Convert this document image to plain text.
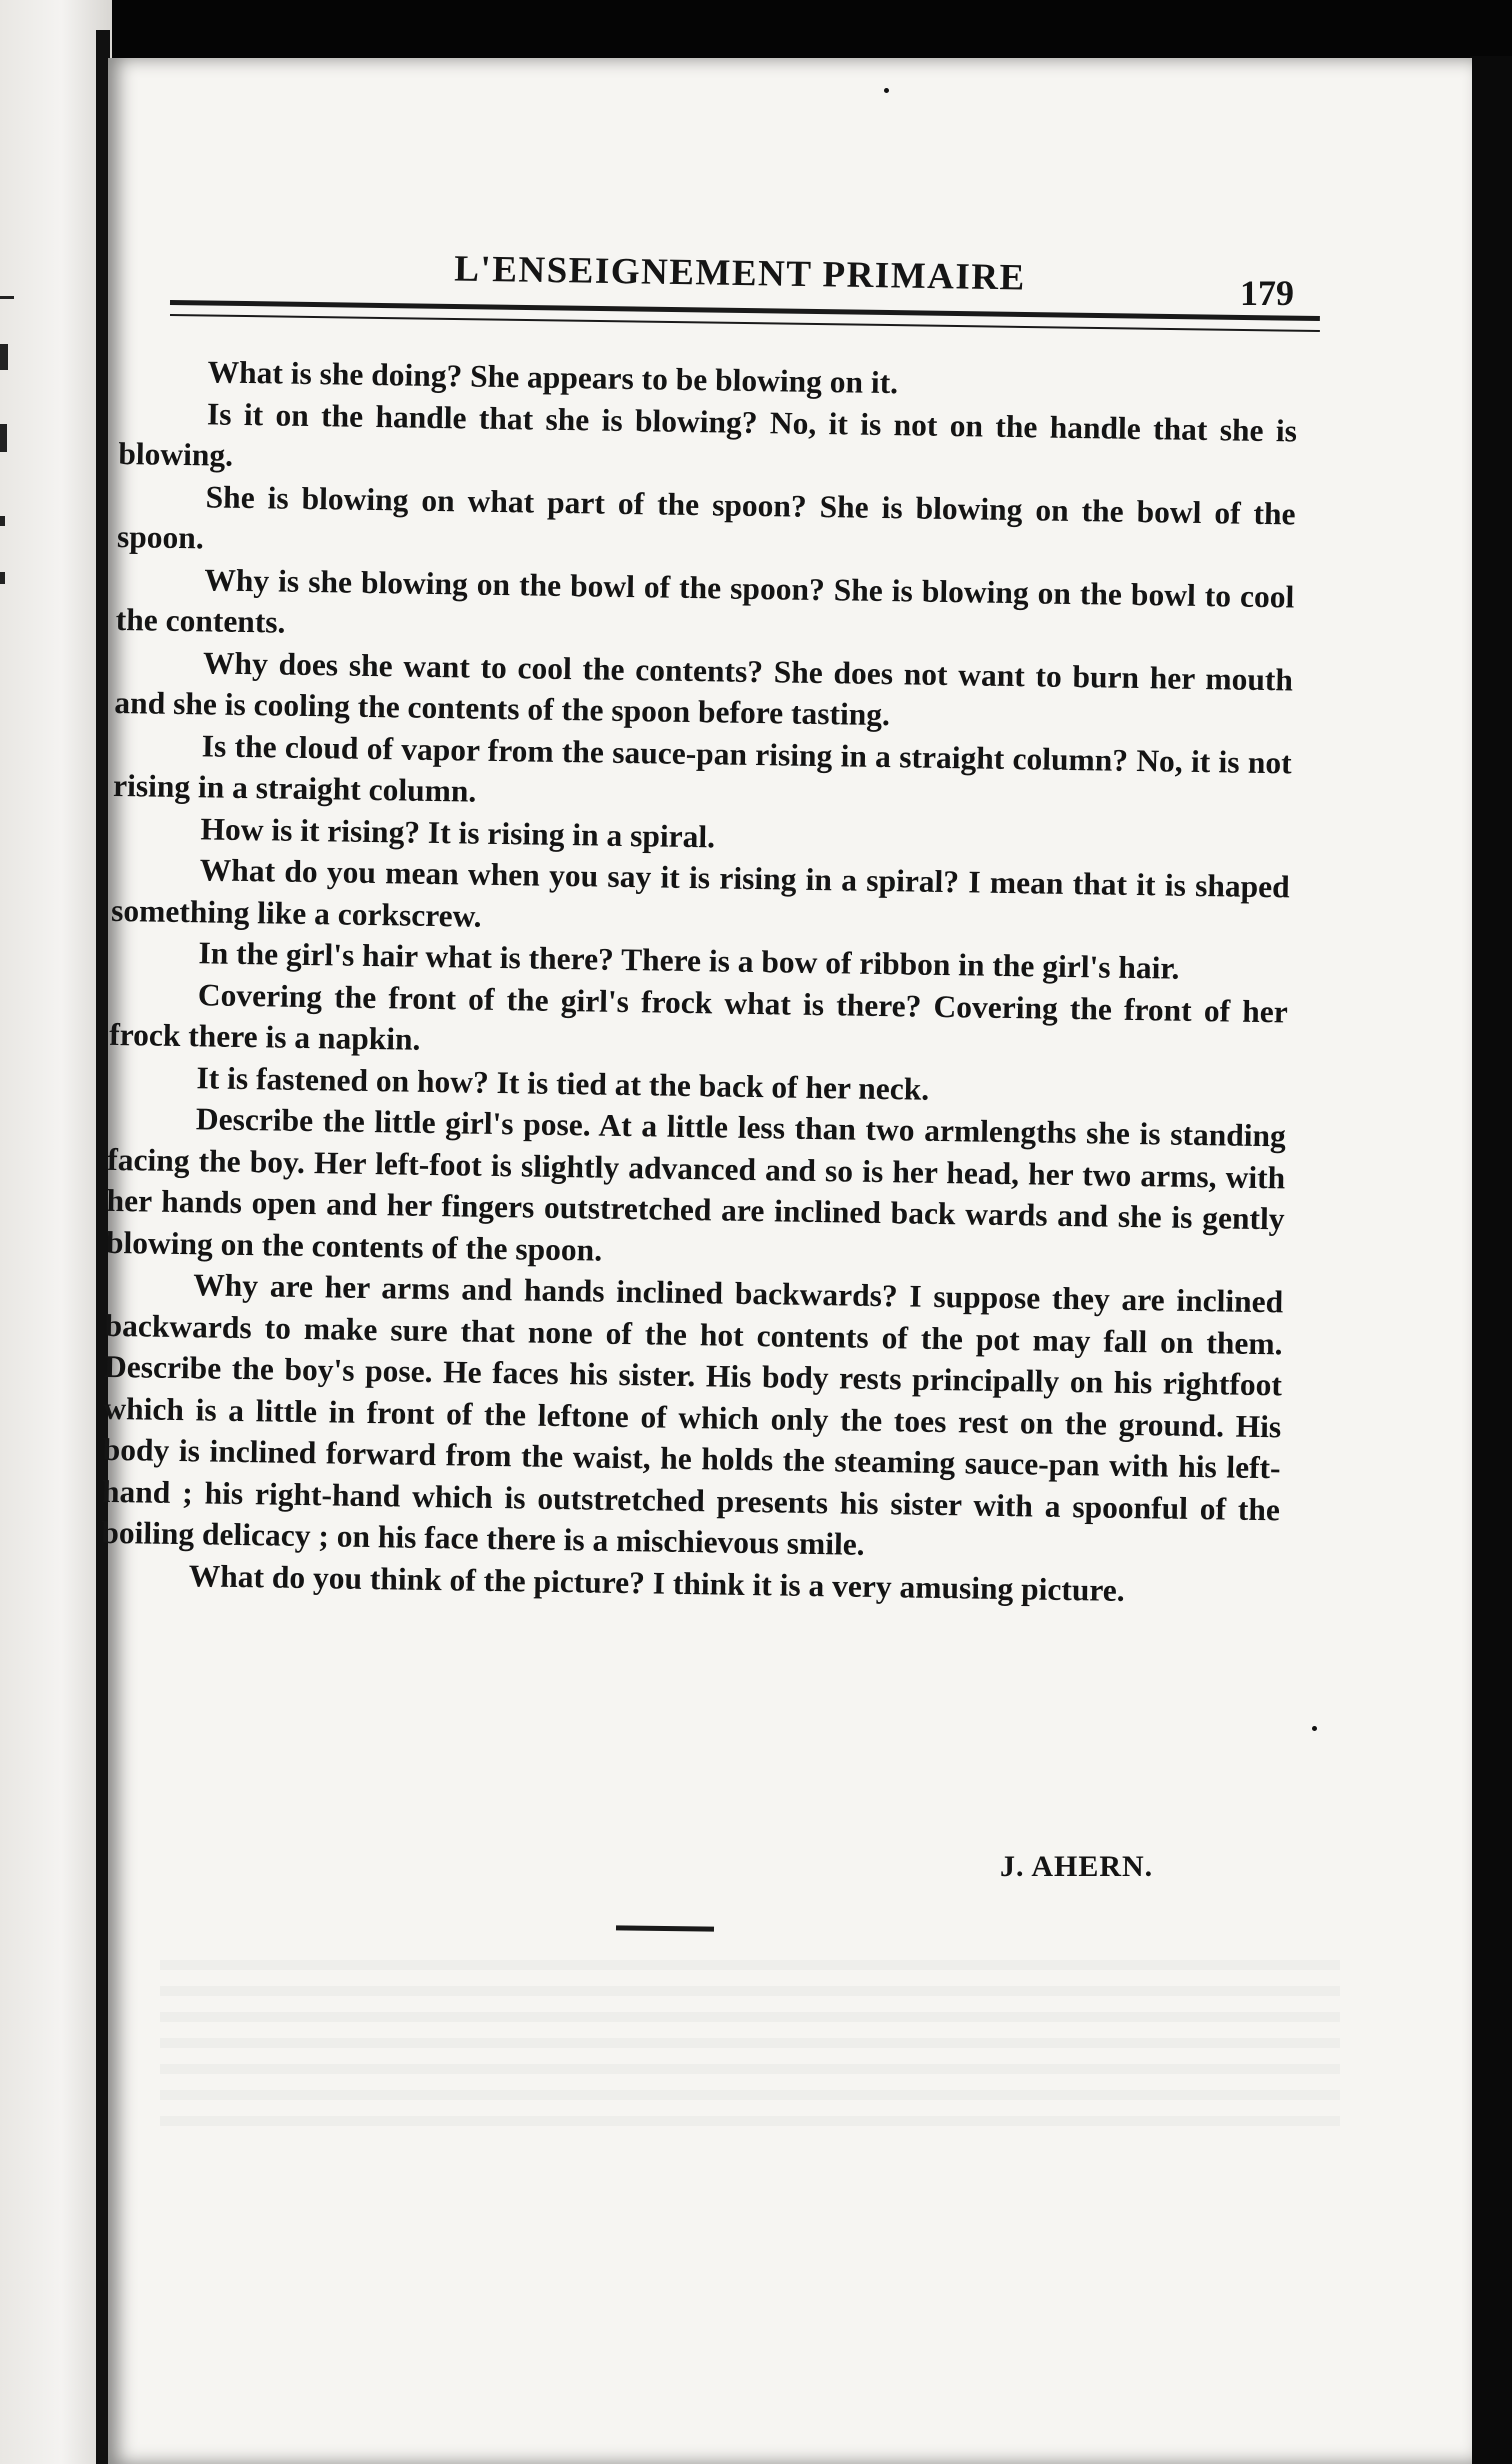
L'ENSEIGNEMENT PRIMAIRE	179

What is she doing? She appears to be blowing on it.

Is it on the handle that she is blowing? No, it is not on the handle that she is blowing.

She is blowing on what part of the spoon? She is blowing on the bowl of the spoon.

Why is she blowing on the bowl of the spoon? She is blowing on the bowl to cool the contents.

Why does she want to cool the contents? She does not want to burn her mouth and she is cooling the contents of the spoon before tasting.

Is the cloud of vapor from the sauce-pan rising in a straight column? No, it is not rising in a straight column.

How is it rising? It is rising in a spiral.

What do you mean when you say it is rising in a spiral? I mean that it is shaped something like a corkscrew.

In the girl's hair what is there? There is a bow of ribbon in the girl's hair.

Covering the front of the girl's frock what is there? Covering the front of her frock there is a napkin.

It is fastened on how? It is tied at the back of her neck.

Describe the little girl's pose. At a little less than two armlengths she is standing facing the boy. Her left-foot is slightly advanced and so is her head, her two arms, with her hands open and her fingers outstretched are inclined back wards and she is gently blowing on the contents of the spoon.

Why are her arms and hands inclined backwards? I suppose they are inclined backwards to make sure that none of the hot contents of the pot may fall on them. Describe the boy's pose. He faces his sister. His body rests principally on his rightfoot which is a little in front of the leftone of which only the toes rest on the ground. His body is inclined forward from the waist, he holds the steaming sauce-pan with his left-hand ; his right-hand which is outstretched presents his sister with a spoonful of the boiling delicacy ; on his face there is a mischievous smile.

What do you think of the picture? I think it is a very amusing picture.

J. AHERN.
